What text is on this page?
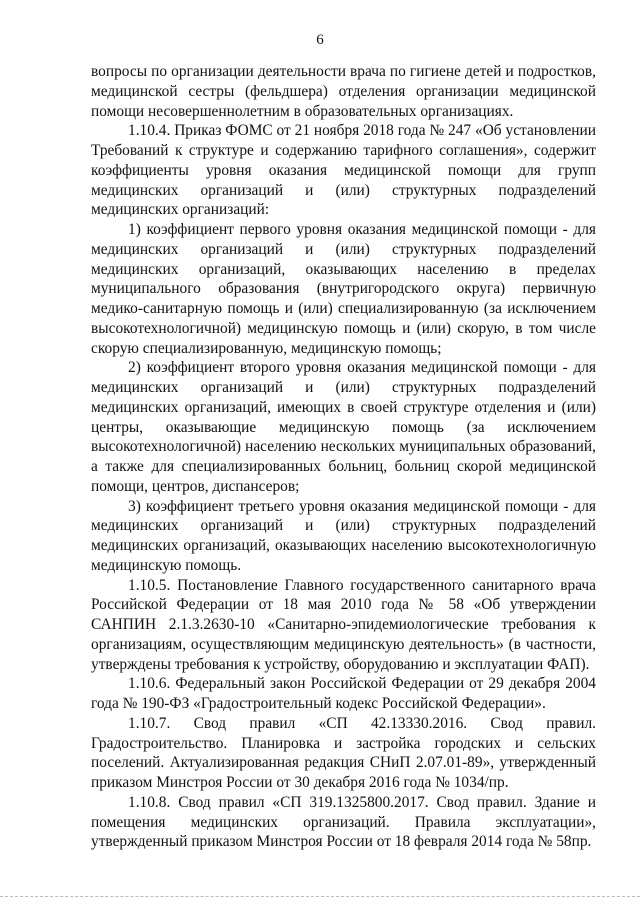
6

вопросы по организации деятельности врача по гигиене детей и подростков, медицинской сестры (фельдшера) отделения организации медицинской помощи несовершеннолетним в образовательных организациях.

1.10.4. Приказ ФОМС от 21 ноября 2018 года № 247 «Об установлении Требований к структуре и содержанию тарифного соглашения», содержит коэффициенты уровня оказания медицинской помощи для групп медицинских организаций и (или) структурных подразделений медицинских организаций:

1) коэффициент первого уровня оказания медицинской помощи - для медицинских организаций и (или) структурных подразделений медицинских организаций, оказывающих населению в пределах муниципального образования (внутригородского округа) первичную медико-санитарную помощь и (или) специализированную (за исключением высокотехнологичной) медицинскую помощь и (или) скорую, в том числе скорую специализированную, медицинскую помощь;

2) коэффициент второго уровня оказания медицинской помощи - для медицинских организаций и (или) структурных подразделений медицинских организаций, имеющих в своей структуре отделения и (или) центры, оказывающие медицинскую помощь (за исключением высокотехнологичной) населению нескольких муниципальных образований, а также для специализированных больниц, больниц скорой медицинской помощи, центров, диспансеров;

3) коэффициент третьего уровня оказания медицинской помощи - для медицинских организаций и (или) структурных подразделений медицинских организаций, оказывающих населению высокотехнологичную медицинскую помощь.

1.10.5. Постановление Главного государственного санитарного врача Российской Федерации от 18 мая 2010 года № 58 «Об утверждении САНПИН 2.1.3.2630-10 «Санитарно-эпидемиологические требования к организациям, осуществляющим медицинскую деятельность» (в частности, утверждены требования к устройству, оборудованию и эксплуатации ФАП).

1.10.6. Федеральный закон Российской Федерации от 29 декабря 2004 года № 190-ФЗ «Градостроительный кодекс Российской Федерации».

1.10.7. Свод правил «СП 42.13330.2016. Свод правил. Градостроительство. Планировка и застройка городских и сельских поселений. Актуализированная редакция СНиП 2.07.01-89», утвержденный приказом Минстроя России от 30 декабря 2016 года № 1034/пр.

1.10.8. Свод правил «СП 319.1325800.2017. Свод правил. Здание и помещения медицинских организаций. Правила эксплуатации», утвержденный приказом Минстроя России от 18 февраля 2014 года № 58пр.
